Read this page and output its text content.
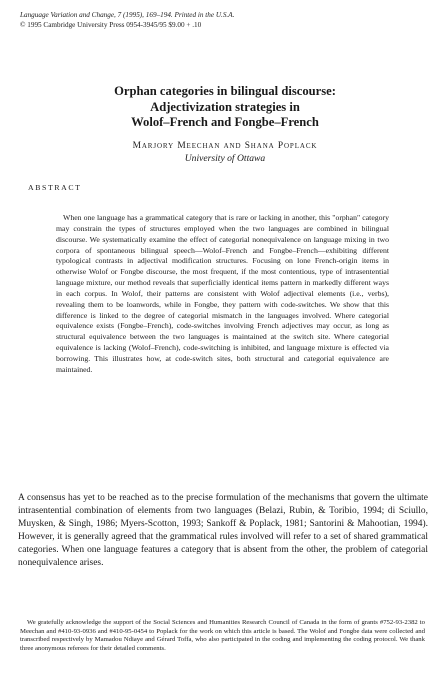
Language Variation and Change, 7 (1995), 169–194. Printed in the U.S.A.
© 1995 Cambridge University Press 0954-3945/95 $9.00 + .10
Orphan categories in bilingual discourse:
Adjectivization strategies in
Wolof–French and Fongbe–French
Marjory Meechan and Shana Poplack
University of Ottawa
ABSTRACT

When one language has a grammatical category that is rare or lacking in another, this "orphan" category may constrain the types of structures employed when the two languages are combined in bilingual discourse. We systematically examine the effect of categorial nonequivalence on language mixing in two corpora of spontaneous bilingual speech—Wolof–French and Fongbe–French—exhibiting different typological contrasts in adjectival modification structures. Focusing on lone French-origin items in otherwise Wolof or Fongbe discourse, the most frequent, if the most contentious, type of intrasentential language mixture, our method reveals that superficially identical items pattern in markedly different ways in each corpus. In Wolof, their patterns are consistent with Wolof adjectival elements (i.e., verbs), revealing them to be loanwords, while in Fongbe, they pattern with code-switches. We show that this difference is linked to the degree of categorial mismatch in the languages involved. Where categorial equivalence exists (Fongbe–French), code-switches involving French adjectives may occur, as long as structural equivalence between the two languages is maintained at the switch site. Where categorial equivalence is lacking (Wolof–French), code-switching is inhibited, and language mixture is effected via borrowing. This illustrates how, at code-switch sites, both structural and categorial equivalence are maintained.

A consensus has yet to be reached as to the precise formulation of the mechanisms that govern the ultimate intrasentential combination of elements from two languages (Belazi, Rubin, & Toribio, 1994; di Sciullo, Muysken, & Singh, 1986; Myers-Scotton, 1993; Sankoff & Poplack, 1981; Santorini & Mahootian, 1994). However, it is generally agreed that the grammatical rules involved will refer to a set of shared grammatical categories. When one language features a category that is absent from the other, the problem of categorial nonequivalence arises.

We gratefully acknowledge the support of the Social Sciences and Humanities Research Council of Canada in the form of grants #752-93-2382 to Meechan and #410-93-0936 and #410-95-0454 to Poplack for the work on which this article is based. The Wolof and Fongbe data were collected and transcribed respectively by Mamadou Ndiaye and Gérard Toffa, who also participated in the coding and implementing the coding protocol. We thank three anonymous referees for their detailed comments.
